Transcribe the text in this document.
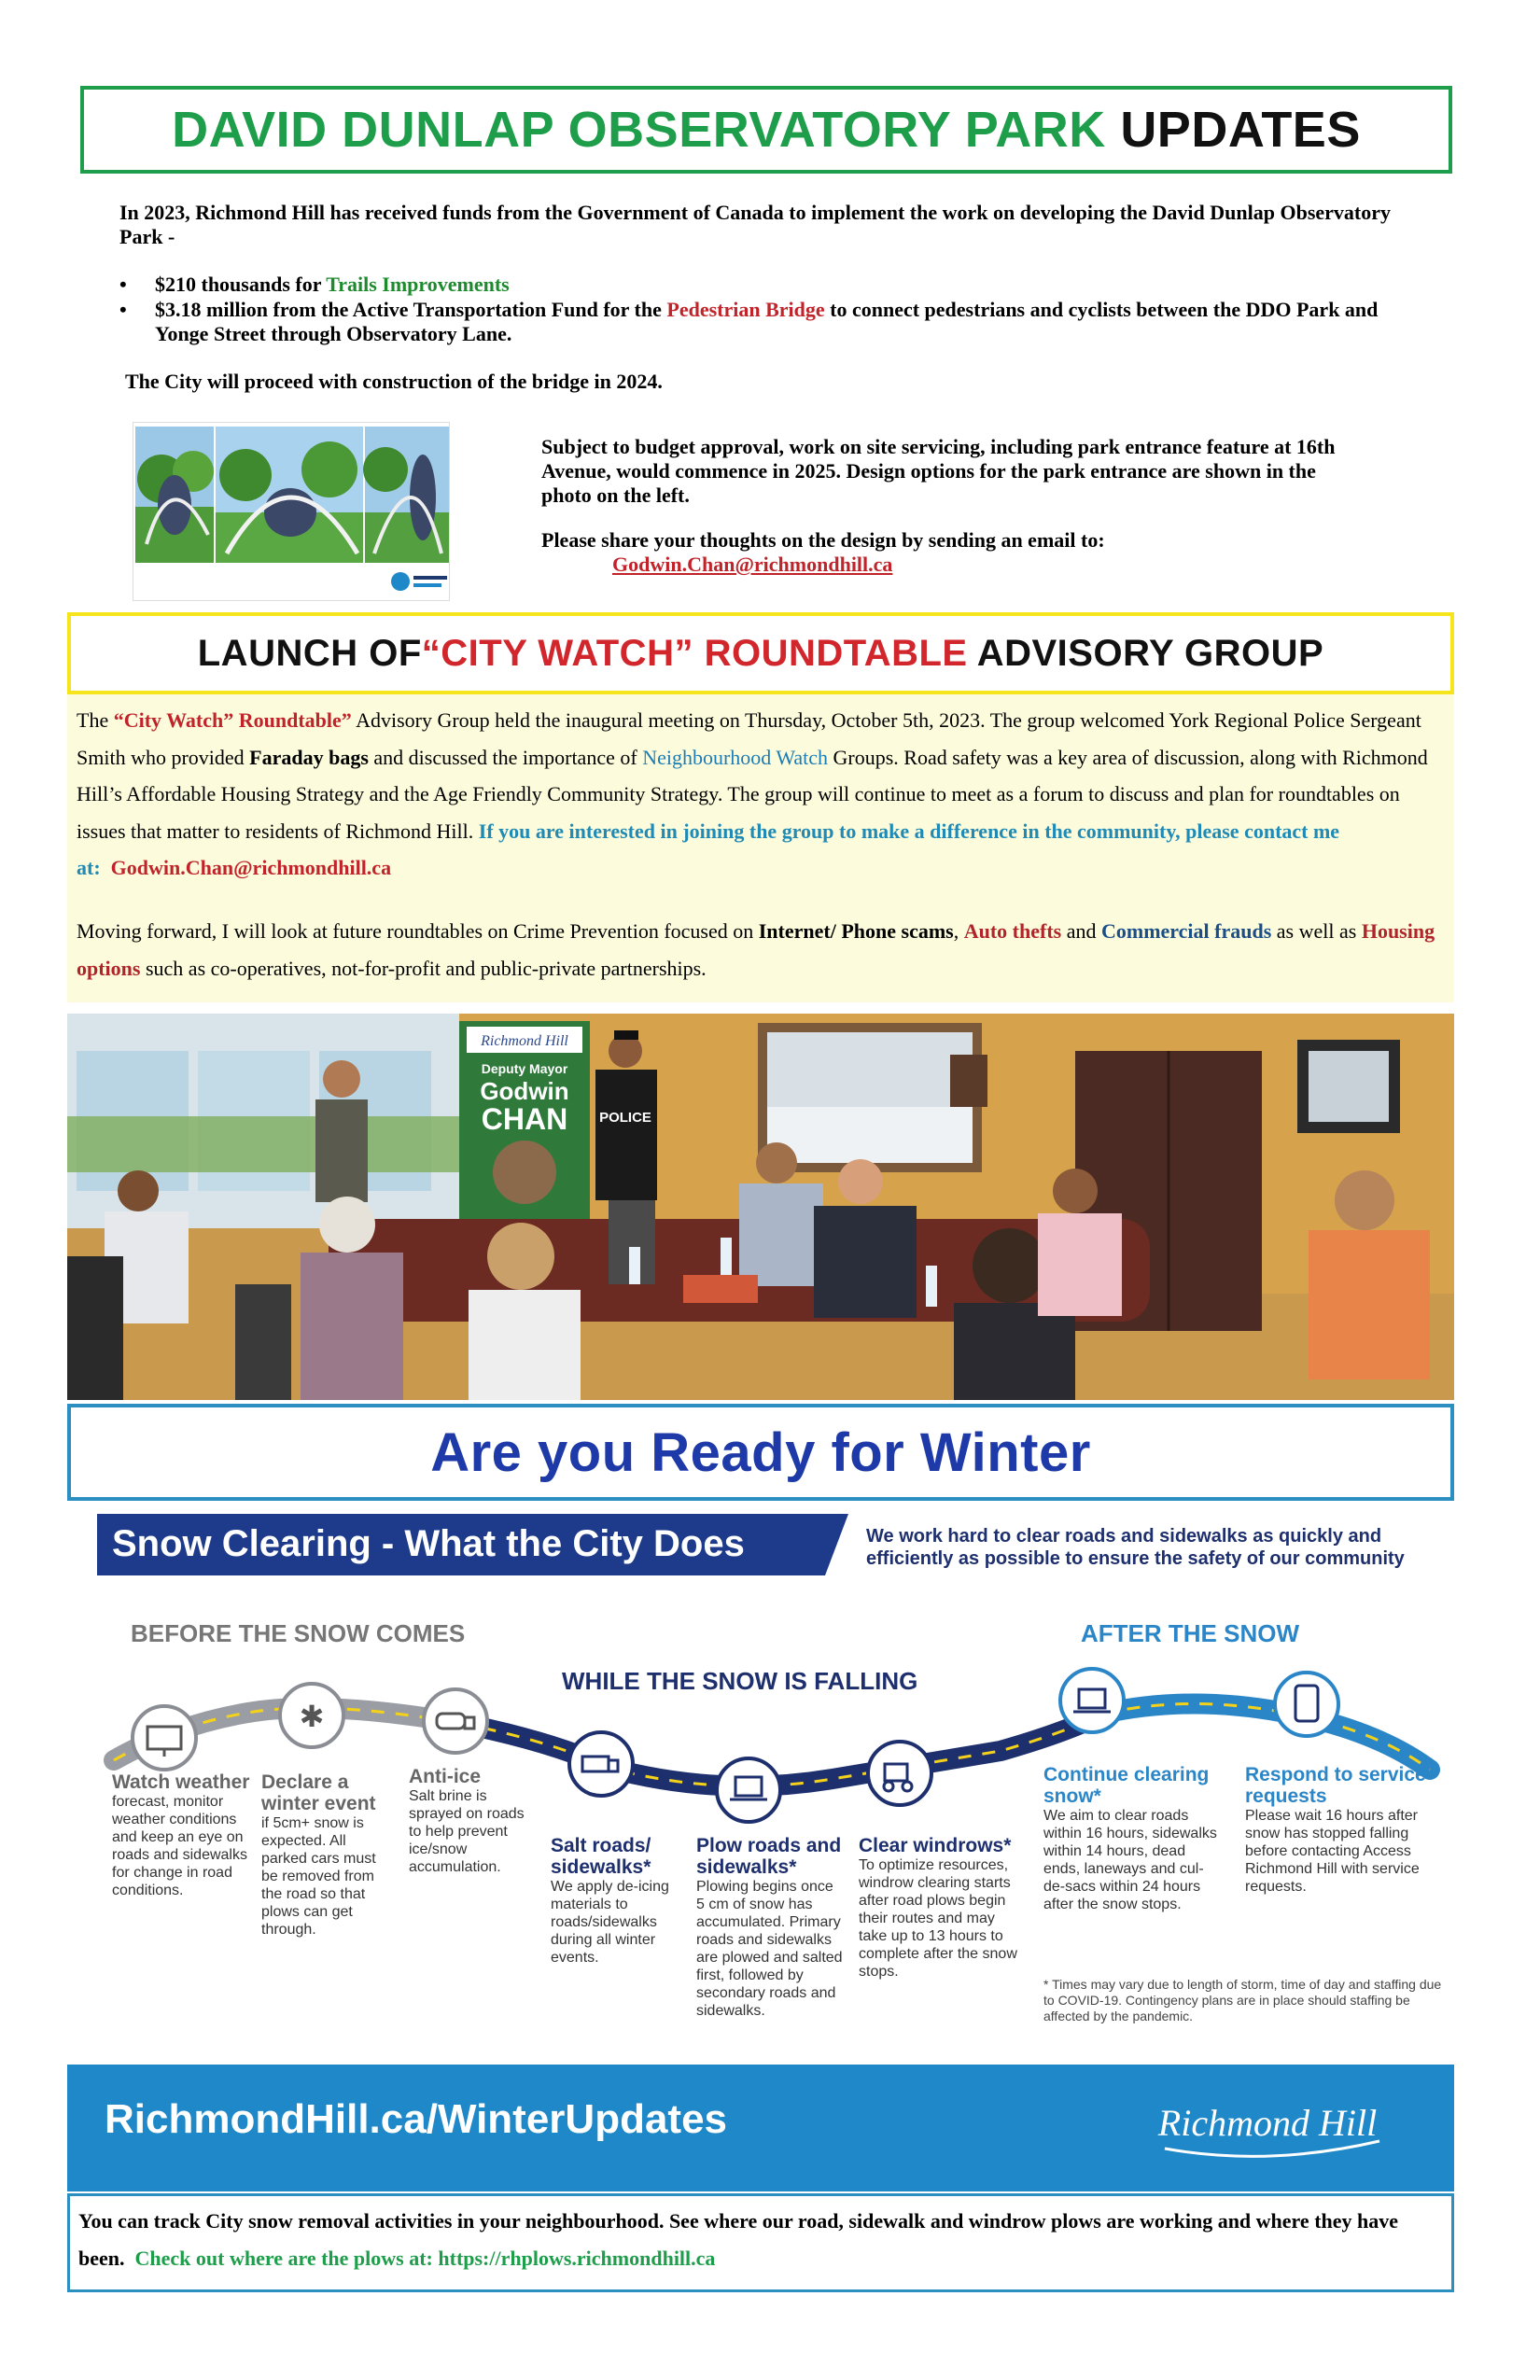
DAVID DUNLAP OBSERVATORY PARK
UPDATES

In 2023, Richmond Hill has received funds from the Government of Canada to implement the work on developing the David Dunlap Observatory Park -

• $210 thousands for Trails Improvements
• $3.18 million from the Active Transportation Fund for the Pedestrian Bridge to connect pedestrians and cyclists between the DDO Park and Yonge Street through Observatory Lane.

The City will proceed with construction of the bridge in 2024.

Subject to budget approval, work on site servicing, including park entrance feature at 16th Avenue, would commence in 2025. Design options for the park entrance are shown in the photo on the left.

Please share your thoughts on the design by sending an email to:

Godwin.Chan@richmondhill.ca
LAUNCH OF “CITY WATCH” ROUNDTABLE ADVISORY GROUP

The “City Watch” Roundtable” Advisory Group held the inaugural meeting on Thursday, October 5th, 2023. The group welcomed York Regional Police Sergeant Smith who provided Faraday bags and discussed the importance of Neighbourhood Watch Groups. Road safety was a key area of discussion, along with Richmond Hill’s Affordable Housing Strategy and the Age Friendly Community Strategy. The group will continue to meet as a forum to discuss and plan for roundtables on issues that matter to residents of Richmond Hill. If you are interested in joining the group to make a difference in the community, please contact me at: Godwin.Chan@richmondhill.ca

Moving forward, I will look at future roundtables on Crime Prevention focused on Internet/ Phone scams, Auto thefts and Commercial frauds as well as Housing options such as co-operatives, not-for-profit and public-private partnerships.

Richmond Hill
Deputy Mayor
Godwin
CHAN POLICE
Are you Ready for Winter
Snow Clearing - What the City Does	We work hard to clear roads and sidewalks as quickly and efficiently as possible to ensure the safety of our community

BEFORE THE SNOW COMES
WHILE THE SNOW IS FALLING
AFTER THE SNOW
✱
Watch weather
forecast, monitor weather conditions and keep an eye on roads and sidewalks for change in road conditions.
Declare a winter event
if 5cm+ snow is expected. All parked cars must be removed from the road so that plows can get through.
Anti-ice
Salt brine is sprayed on roads to help prevent ice/snow accumulation.
Salt roads/ sidewalks*
We apply de-icing materials to roads/sidewalks during all winter events.
Plow roads and sidewalks*
Plowing begins once 5 cm of snow has accumulated. Primary roads and sidewalks are plowed and salted first, followed by secondary roads and sidewalks.
Clear windrows*
To optimize resources, windrow clearing starts after road plows begin their routes and may take up to 13 hours to complete after the snow stops.
Continue clearing snow*
We aim to clear roads within 16 hours, sidewalks within 14 hours, dead ends, laneways and cul-de-sacs within 24 hours after the snow stops.
Respond to service requests
Please wait 16 hours after snow has stopped falling before contacting Access Richmond Hill with service requests.

* Times may vary due to length of storm, time of day and staffing due to COVID-19. Contingency plans are in place should staffing be affected by the pandemic.

RichmondHill.ca/WinterUpdates	Richmond Hill

You can track City snow removal activities in your neighbourhood. See where our road, sidewalk and windrow plows are working and where they have been. Check out where are the plows at: https://rhplows.richmondhill.ca
